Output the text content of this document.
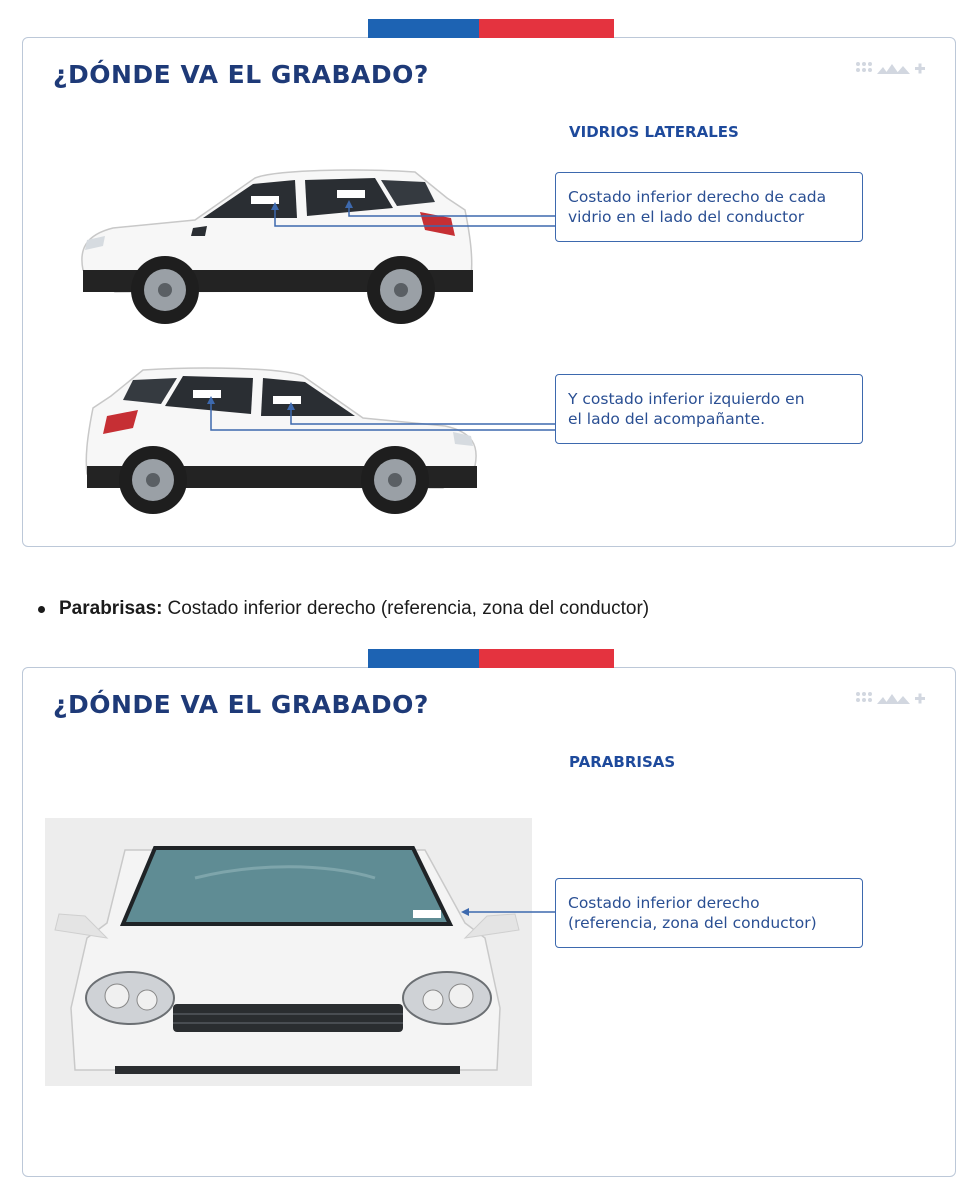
¿DÓNDE VA EL GRABADO?
VIDRIOS LATERALES
Costado inferior derecho de cada
vidrio en el lado del conductor
Y costado inferior izquierdo en
el lado del acompañante.
Parabrisas: Costado inferior derecho (referencia, zona del conductor)
¿DÓNDE VA EL GRABADO?
PARABRISAS
Costado inferior derecho
(referencia, zona del conductor)
